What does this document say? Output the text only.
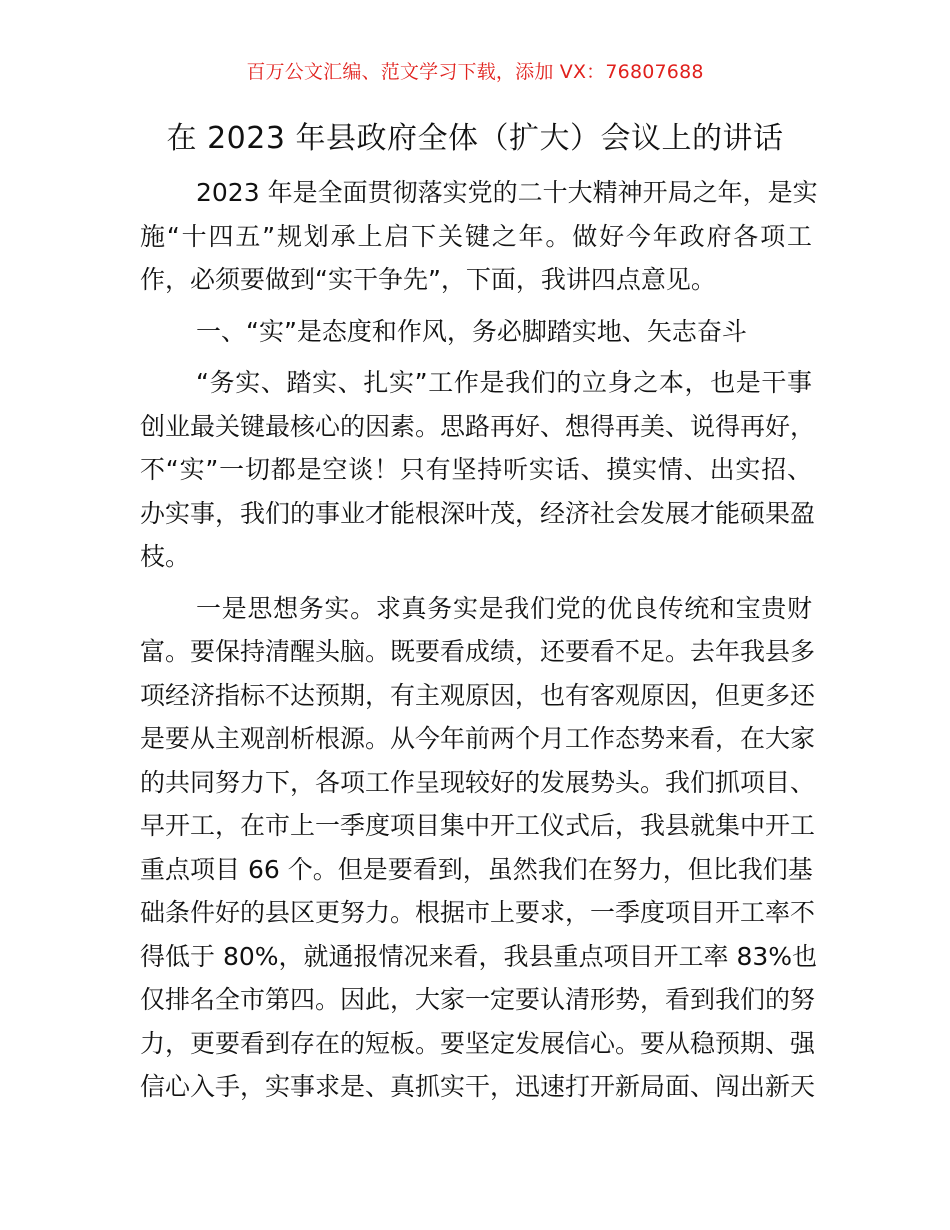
百万公文汇编、范文学习下载，添加 VX：76807688
在 2023 年县政府全体（扩大）会议上的讲话
2023 年是全面贯彻落实党的二十大精神开局之年，是实
施“十四五”规划承上启下关键之年。做好今年政府各项工
作，必须要做到“实干争先”，下面，我讲四点意见。
一、“实”是态度和作风，务必脚踏实地、矢志奋斗
“务实、踏实、扎实”工作是我们的立身之本，也是干事
创业最关键最核心的因素。思路再好、想得再美、说得再好，
不“实”一切都是空谈！只有坚持听实话、摸实情、出实招、
办实事，我们的事业才能根深叶茂，经济社会发展才能硕果盈
枝。
一是思想务实。求真务实是我们党的优良传统和宝贵财
富。要保持清醒头脑。既要看成绩，还要看不足。去年我县多
项经济指标不达预期，有主观原因，也有客观原因，但更多还
是要从主观剖析根源。从今年前两个月工作态势来看，在大家
的共同努力下，各项工作呈现较好的发展势头。我们抓项目、
早开工，在市上一季度项目集中开工仪式后，我县就集中开工
重点项目 66 个。但是要看到，虽然我们在努力，但比我们基
础条件好的县区更努力。根据市上要求，一季度项目开工率不
得低于 80%，就通报情况来看，我县重点项目开工率 83%也
仅排名全市第四。因此，大家一定要认清形势，看到我们的努
力，更要看到存在的短板。要坚定发展信心。要从稳预期、强
信心入手，实事求是、真抓实干，迅速打开新局面、闯出新天
